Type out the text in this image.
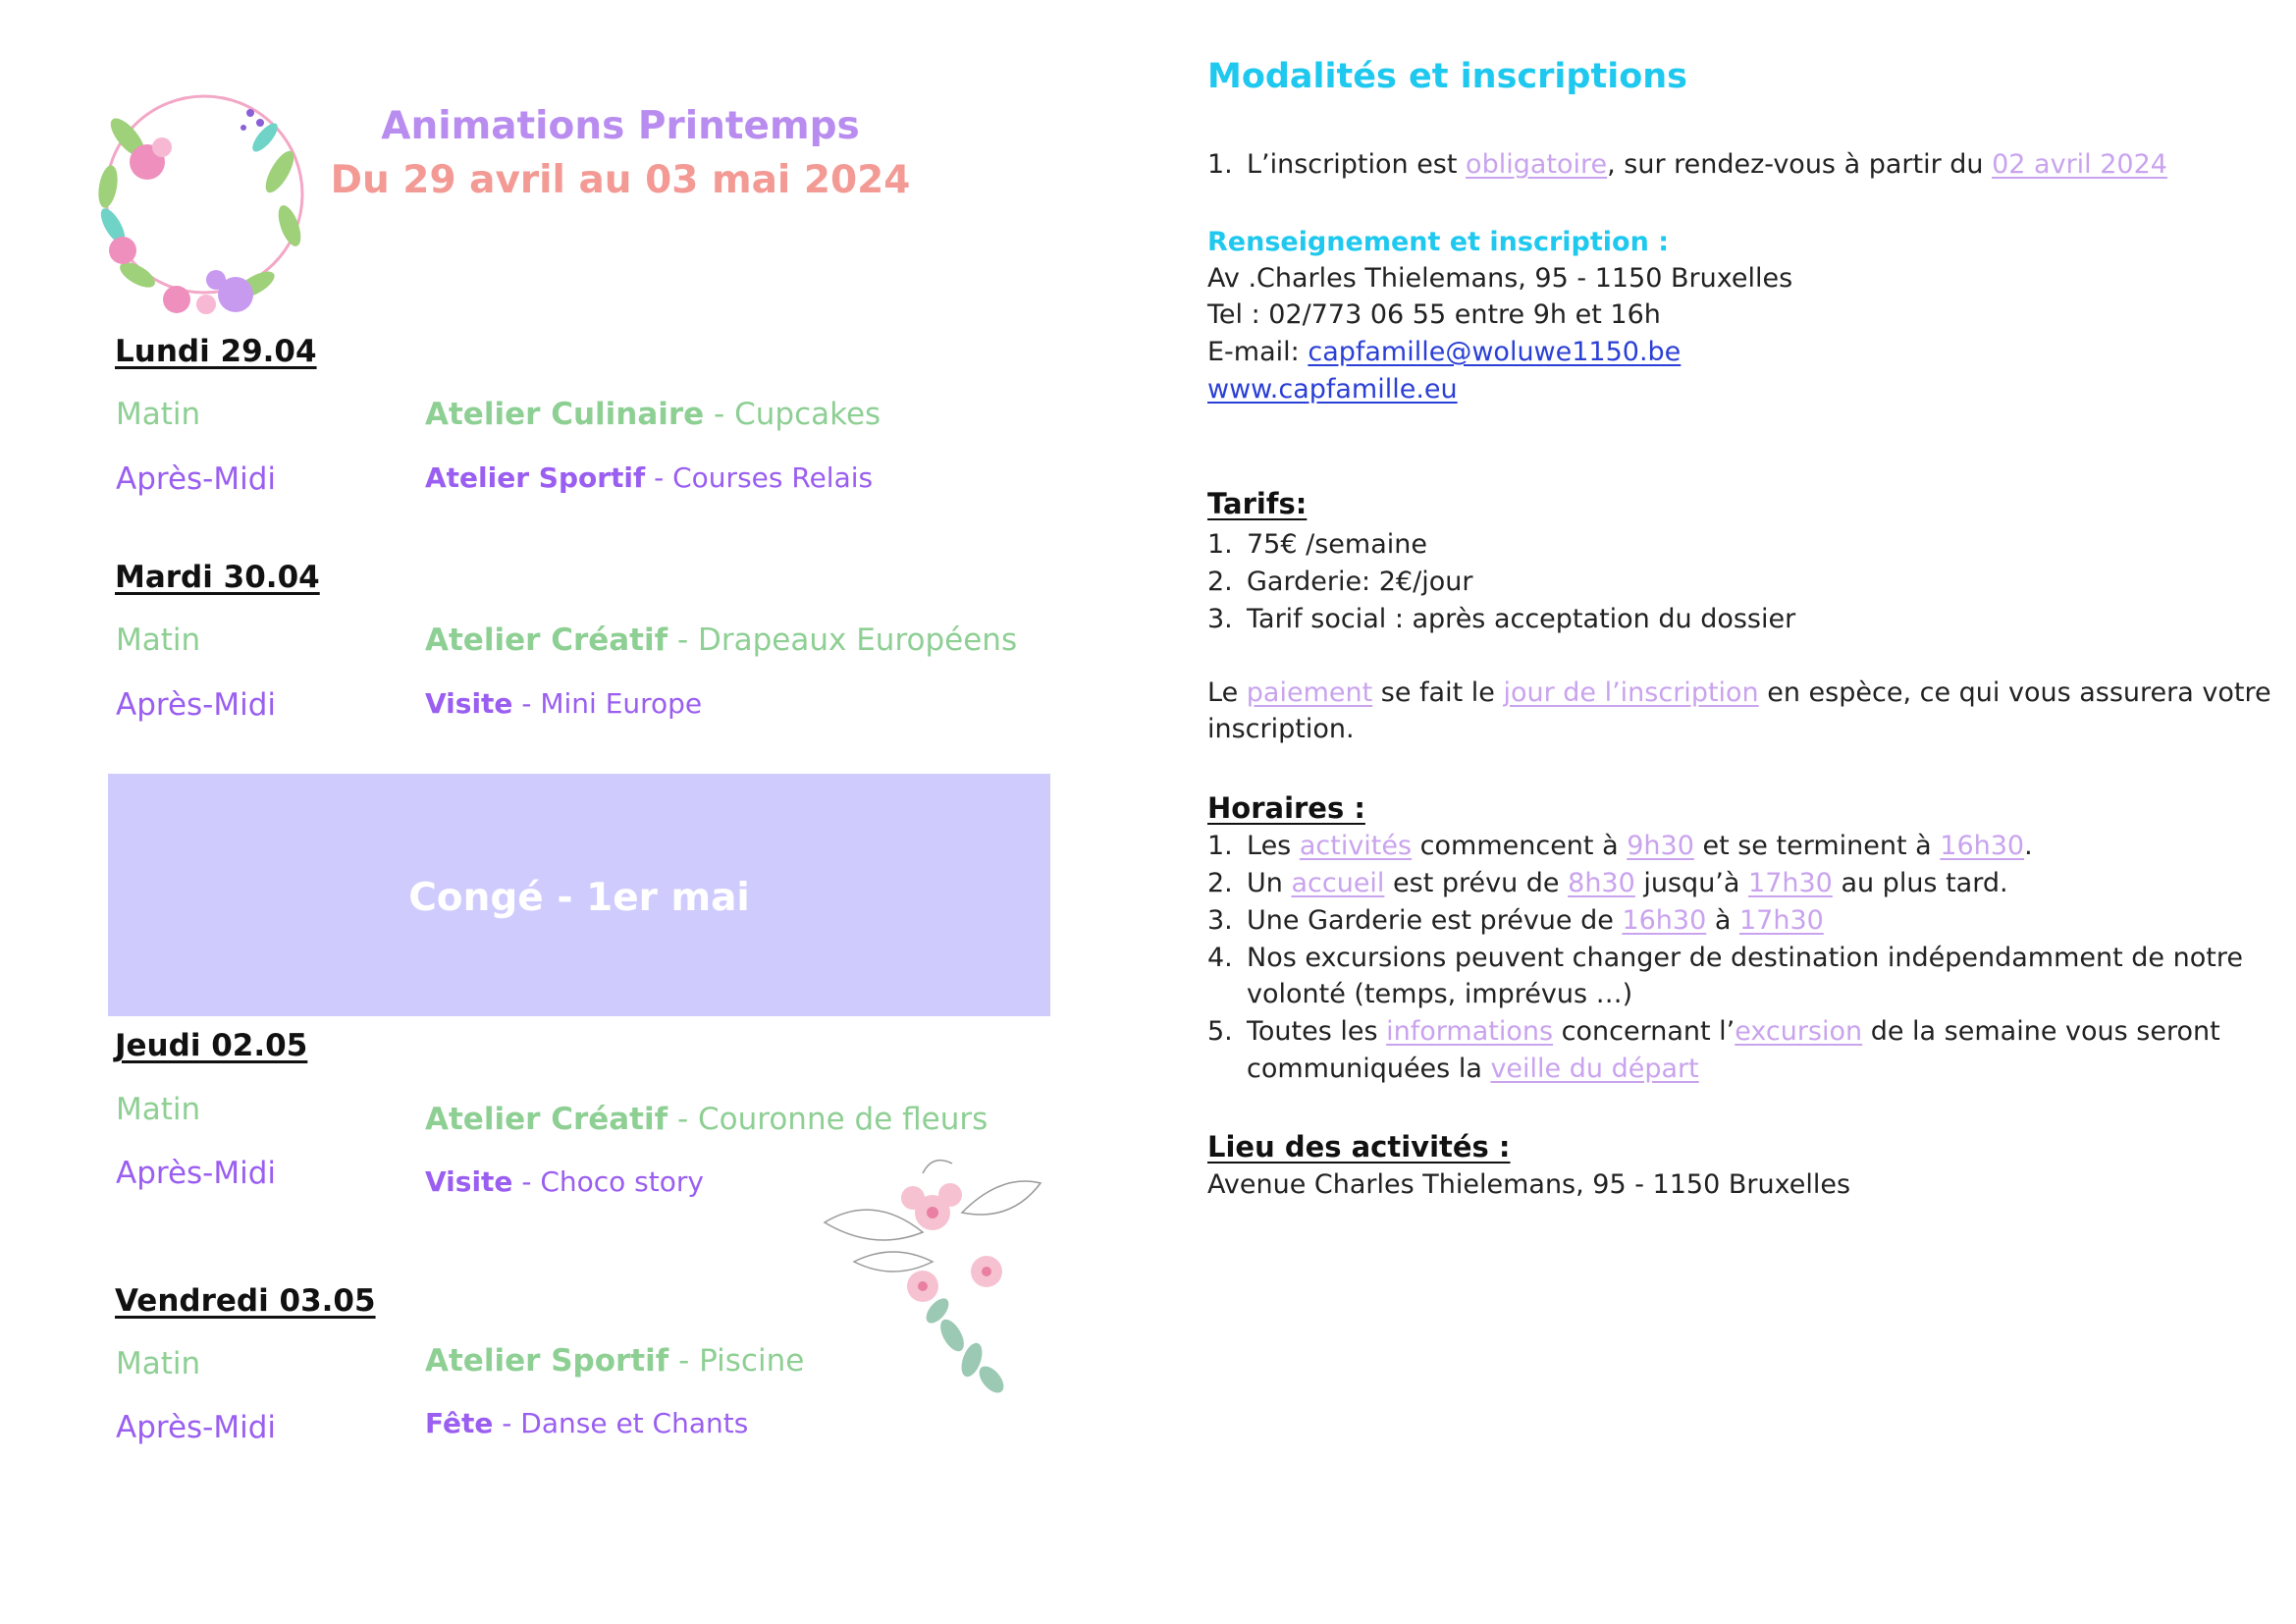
Animations Printemps
Du 29 avril au 03 mai 2024
Lundi 29.04
Matin	Atelier Culinaire - Cupcakes
Après-Midi	Atelier Sportif - Courses Relais
Mardi 30.04
Matin	Atelier Créatif - Drapeaux Européens
Après-Midi	Visite - Mini Europe
Congé - 1er mai
Jeudi 02.05
Matin	Atelier Créatif - Couronne de fleurs
Après-Midi	Visite - Choco story
Vendredi 03.05
Matin	Atelier Sportif - Piscine
Après-Midi	Fête - Danse et Chants
Modalités et inscriptions
1. L’inscription est obligatoire, sur rendez-vous à partir du 02 avril 2024
Renseignement et inscription :
Av .Charles Thielemans, 95 - 1150 Bruxelles
Tel : 02/773 06 55 entre 9h et 16h
E-mail: capfamille@woluwe1150.be
www.capfamille.eu
Tarifs:
1. 75€ /semaine
2. Garderie: 2€/jour
3. Tarif social : après acceptation du dossier
Le paiement se fait le jour de l’inscription en espèce, ce qui vous assurera votre
inscription.
Horaires :
1. Les activités commencent à 9h30 et se terminent à 16h30.
2. Un accueil est prévu de 8h30 jusqu’à 17h30 au plus tard.
3. Une Garderie est prévue de 16h30 à 17h30
4. Nos excursions peuvent changer de destination indépendamment de notre
volonté (temps, imprévus …)
5. Toutes les informations concernant l’excursion de la semaine vous seront
communiquées la veille du départ
Lieu des activités :
Avenue Charles Thielemans, 95 - 1150 Bruxelles
